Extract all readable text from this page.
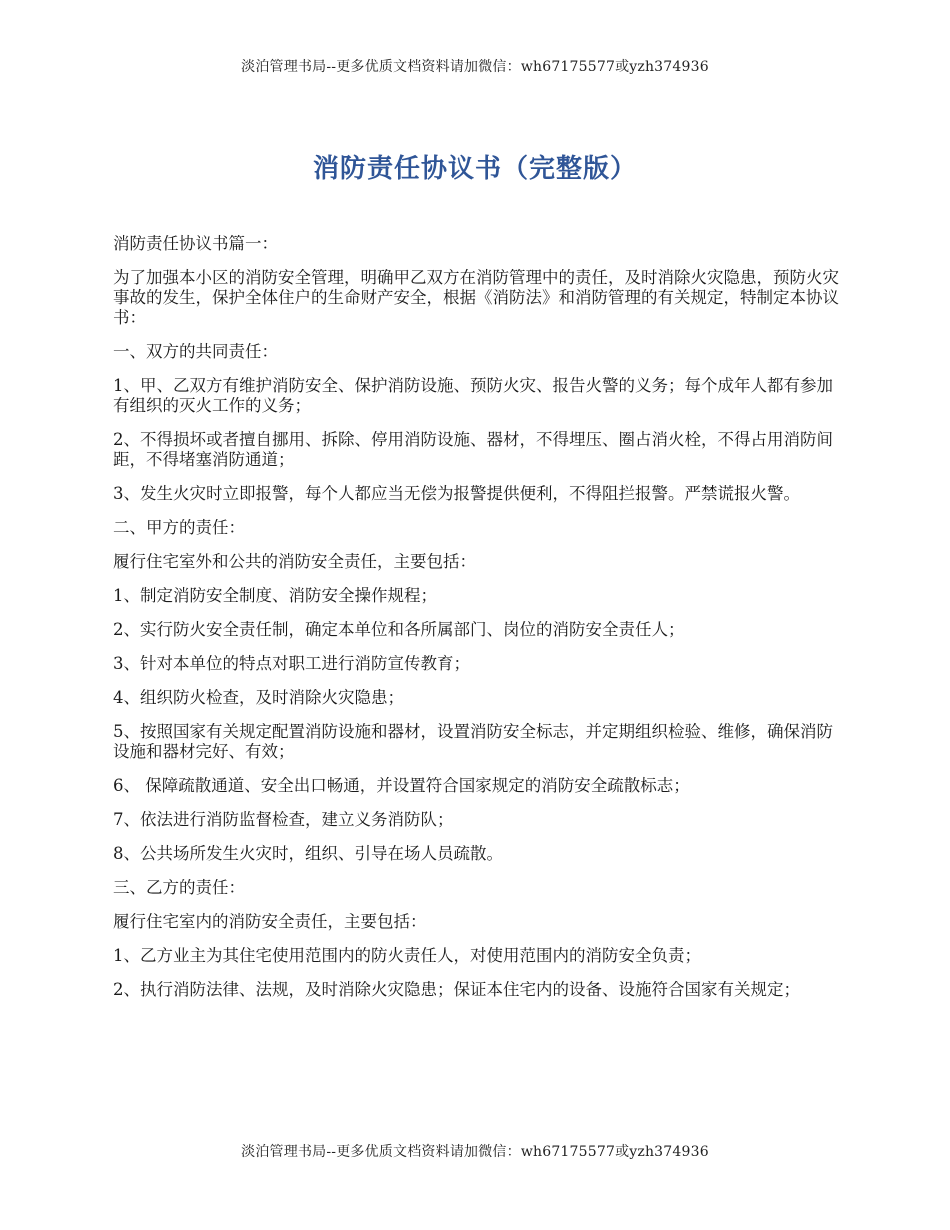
淡泊管理书局--更多优质文档资料请加微信：wh67175577或yzh374936
消防责任协议书（完整版）

消防责任协议书篇一：

为了加强本小区的消防安全管理，明确甲乙双方在消防管理中的责任，及时消除火灾隐患，预防火灾事故的发生，保护全体住户的生命财产安全，根据《消防法》和消防管理的有关规定，特制定本协议书：

一、双方的共同责任：

1、甲、乙双方有维护消防安全、保护消防设施、预防火灾、报告火警的义务；每个成年人都有参加有组织的灭火工作的义务；

2、不得损坏或者擅自挪用、拆除、停用消防设施、器材，不得埋压、圈占消火栓，不得占用消防间距，不得堵塞消防通道；

3、发生火灾时立即报警，每个人都应当无偿为报警提供便利，不得阻拦报警。严禁谎报火警。

二、甲方的责任：

履行住宅室外和公共的消防安全责任，主要包括：

1、制定消防安全制度、消防安全操作规程；

2、实行防火安全责任制，确定本单位和各所属部门、岗位的消防安全责任人；

3、针对本单位的特点对职工进行消防宣传教育；

4、组织防火检查，及时消除火灾隐患；

5、按照国家有关规定配置消防设施和器材，设置消防安全标志，并定期组织检验、维修，确保消防设施和器材完好、有效；

6、 保障疏散通道、安全出口畅通，并设置符合国家规定的消防安全疏散标志；

7、依法进行消防监督检查，建立义务消防队；

8、公共场所发生火灾时，组织、引导在场人员疏散。

三、乙方的责任：

履行住宅室内的消防安全责任，主要包括：

1、乙方业主为其住宅使用范围内的防火责任人，对使用范围内的消防安全负责；

2、执行消防法律、法规，及时消除火灾隐患；保证本住宅内的设备、设施符合国家有关规定；

淡泊管理书局--更多优质文档资料请加微信：wh67175577或yzh374936
